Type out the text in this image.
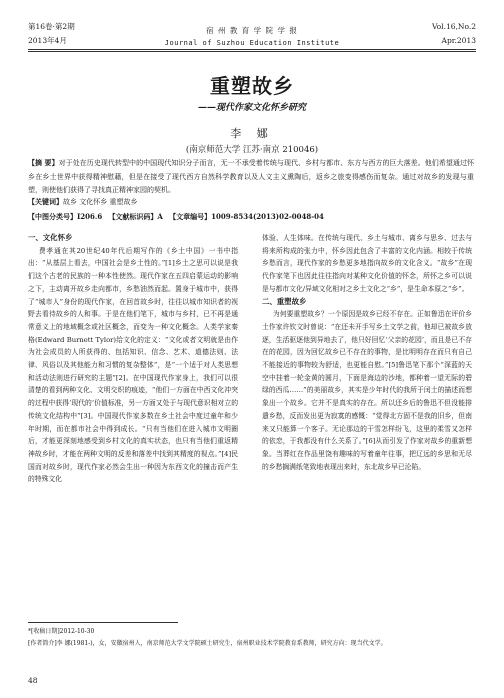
第16卷·第2期
2013年4月
宿 州 教 育 学 院 学 报
Journal of Suzhou Education Institute
Vol.16,No.2
Apr.2013
重塑故乡
——现代作家文化怀乡研究
李 娜
(南京师范大学 江苏·南京 210046)
【摘 要】对于处在历史现代转型中的中国现代知识分子而言，无一不承受着传统与现代、乡村与都市、东方与西方的巨大落差。他们希望通过怀乡在乡土世界中获得精神慰藉，但是在接受了现代西方自然科学教育以及人文主义熏陶后，返乡之旅变得感伤而复杂。通过对故乡的发现与重塑，则使他们获得了寻找真正精神家园的契机。
【关键词】故乡 文化怀乡 重塑故乡
【中图分类号】I206.6 【文献标识码】A 【文章编号】1009-8534(2013)02-0048-04
一、文化怀乡

费孝通在其20世纪40年代后期写作的《乡土中国》一书中指出：“从基层上看去，中国社会是乡土性的。”[1]乡土之思可以说是我们这个古老的民族的一种本性使然。现代作家在五四启蒙运动的影响之下，主动离开故乡走向都市，乡愁油然而起。置身于城市中，获得了“城市人”身份的现代作家，在回首故乡时，往往以城市知识者的视野去看待故乡的人和事。于是在他们笔下，城市与乡村，已不再是通常意义上的地域概念或社区概念，而变为一种文化概念。人类学家秦格(Edward Burnett Tylor)给文化的定义：“文化或者文明就是由作为社会成员的人所获得的、包括知识、信念、艺术、道德法则、法律、风俗以及其他能力和习惯的复杂整体”，是“一个适于对人类思想和活动法则进行研究的主题”[2]。在中国现代作家身上，我们可以很清楚的看到两种文化、文明交织的痕迹，“他们一方面在中西文化冲突的过程中获得‘现代的’价值标准，另一方面又处于与现代意识相对立的传统文化结构中”[3]。中国现代作家多数在乡土社会中度过童年和少年时期，而在都市社会中得到成长。“只有当他们在进入城市文明圈后，才能更深刻地感受到乡村文化的真实状态，也只有当他们重返精神故乡时，才能在两种文明的反差和落差中找到其精度的视点。”[4]民国而对故乡时，现代作家必然会生出一种因为东西文化的撞击而产生的特殊文化

体验、人生体味。在传统与现代、乡土与城市、离乡与思乡、过去与将来所构成的张力中，怀乡因此包含了丰富的文化内涵。相较于传统乡愁而言，现代作家的乡愁更多地指向故乡的文化含义。“故乡”在现代作家笔下也因此往往指向对某种文化价值的怀念，所怀之乡可以说是与都市文化/异域文化相对之乡土文化之“乡”，是生命本原之“乡”。

二、重塑故乡

为何要重塑故乡？一个原因是故乡已经不存在。正如鲁迅在评价乡土作家许钦文时曾说：“在还未开手写乡土文学之前，他却已被故乡放逐，生活驱逐他到异地去了，他只好回忆‘父亲的花园’，而且是已不存在的花园，因为回忆故乡已不存在的事物，是比明明存在而只有自己不能接近的事物较为舒适，也更能自慰。”[5]鲁迅笔下那个“深蓝的天空中挂着一轮金黄的圆月，下面是海边的沙地，都种着一望无际的碧绿的西瓜……”的美丽故乡，其实是少年时代的我所于闰土的描述而想象出一个故乡。它并不是真实的存在。所以还乡后的鲁迅不但没能排遣乡愁，反而发出更为寂寞的感慨：“觉得北方固不是我的旧乡，但南来又只能算一个客子。无论那边的干雪怎样纷飞，这里的柔雪又怎样的依恋，于我都没有什么关系了。”[6]从而引发了作家对故乡的重新想象。当葬红在作品里饶有趣味的写着童年往事，把辽远的乡思和无尽的乡愁搁满纸笔致地表现出来时，东北故乡早已沦陷。

*[收稿日期]2012-10-30
[作者简介]李 娜(1981-)，女，安徽宿州人，南京师范大学文学院硕士研究生，宿州职业技术学院教育系教师，研究方向：现当代文学。
48
